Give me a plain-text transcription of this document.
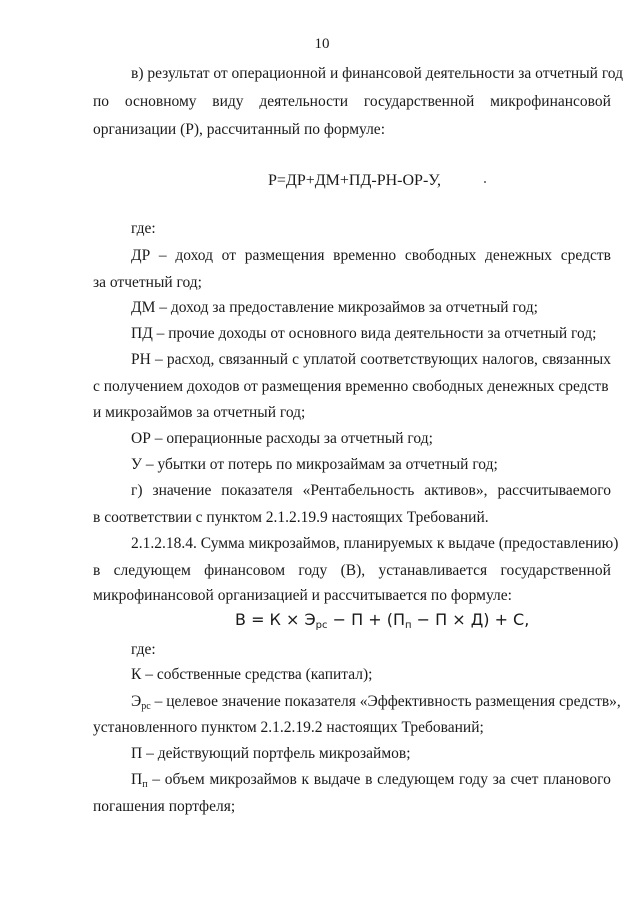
10
в) результат от операционной и финансовой деятельности за отчетный год
по основному виду деятельности государственной микрофинансовой
организации (Р), рассчитанный по формуле:
Р=ДР+ДМ+ПД-РН-ОР-У,
где:
ДР – доход от размещения временно свободных денежных средств
за отчетный год;
ДМ – доход за предоставление микрозаймов за отчетный год;
ПД – прочие доходы от основного вида деятельности за отчетный год;
РН – расход, связанный с уплатой соответствующих налогов, связанных
с получением доходов от размещения временно свободных денежных средств
и микрозаймов за отчетный год;
ОР – операционные расходы за отчетный год;
У – убытки от потерь по микрозаймам за отчетный год;
г) значение показателя «Рентабельность активов», рассчитываемого
в соответствии с пунктом 2.1.2.19.9 настоящих Требований.
2.1.2.18.4. Сумма микрозаймов, планируемых к выдаче (предоставлению)
в следующем финансовом году (В), устанавливается государственной
микрофинансовой организацией и рассчитывается по формуле:
$В = К \times Э_{рс} - П + (П_п - П \times Д) + С$,
где:
К – собственные средства (капитал);
$Э_{рс}$ – целевое значение показателя «Эффективность размещения средств»,
установленного пунктом 2.1.2.19.2 настоящих Требований;
П – действующий портфель микрозаймов;
$П_п$ – объем микрозаймов к выдаче в следующем году за счет планового
погашения портфеля;
